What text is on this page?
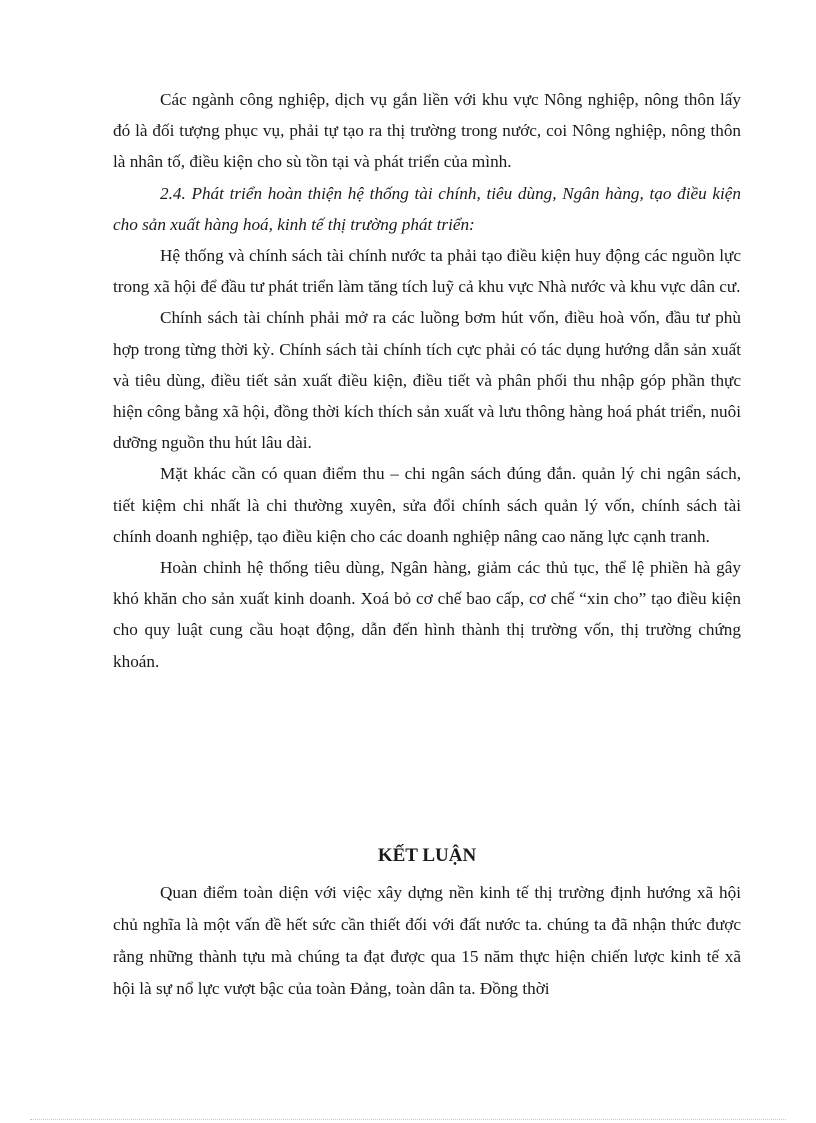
Các ngành công nghiệp, dịch vụ gắn liền với khu vực Nông nghiệp, nông thôn lấy đó là đối tượng phục vụ, phải tự tạo ra thị trường trong nước, coi Nông nghiệp, nông thôn là nhân tố, điều kiện cho sù tồn tại và phát triển của mình.

2.4. Phát triển hoàn thiện hệ thống tài chính, tiêu dùng, Ngân hàng, tạo điều kiện cho sản xuất hàng hoá, kinh tế thị trường phát triển:

Hệ thống và chính sách tài chính nước ta phải tạo điều kiện huy động các nguồn lực trong xã hội để đầu tư phát triển làm tăng tích luỹ cả khu vực Nhà nước và khu vực dân cư.

Chính sách tài chính phải mở ra các luồng bơm hút vốn, điều hoà vốn, đầu tư phù hợp trong từng thời kỳ. Chính sách tài chính tích cực phải có tác dụng hướng dẫn sản xuất và tiêu dùng, điều tiết sản xuất điều kiện, điều tiết và phân phối thu nhập góp phần thực hiện công bằng xã hội, đồng thời kích thích sản xuất và lưu thông hàng hoá phát triển, nuôi dưỡng nguồn thu hút lâu dài.

Mặt khác cần có quan điểm thu – chi ngân sách đúng đắn. quản lý chi ngân sách, tiết kiệm chi nhất là chi thường xuyên, sửa đổi chính sách quản lý vốn, chính sách tài chính doanh nghiệp, tạo điều kiện cho các doanh nghiệp nâng cao năng lực cạnh tranh.

Hoàn chỉnh hệ thống tiêu dùng, Ngân hàng, giảm các thủ tục, thể lệ phiền hà gây khó khăn cho sản xuất kinh doanh. Xoá bỏ cơ chế bao cấp, cơ chế “xin cho” tạo điều kiện cho quy luật cung cầu hoạt động, dẫn đến hình thành thị trường vốn, thị trường chứng khoán.

KẾT LUẬN

Quan điểm toàn diện với việc xây dựng nền kinh tế thị trường định hướng xã hội chủ nghĩa là một vấn đề hết sức cần thiết đối với đất nước ta. chúng ta đã nhận thức được rằng những thành tựu mà chúng ta đạt được qua 15 năm thực hiện chiến lược kinh tế xã hội là sự nổ lực vượt bậc của toàn Đảng, toàn dân ta. Đồng thời
